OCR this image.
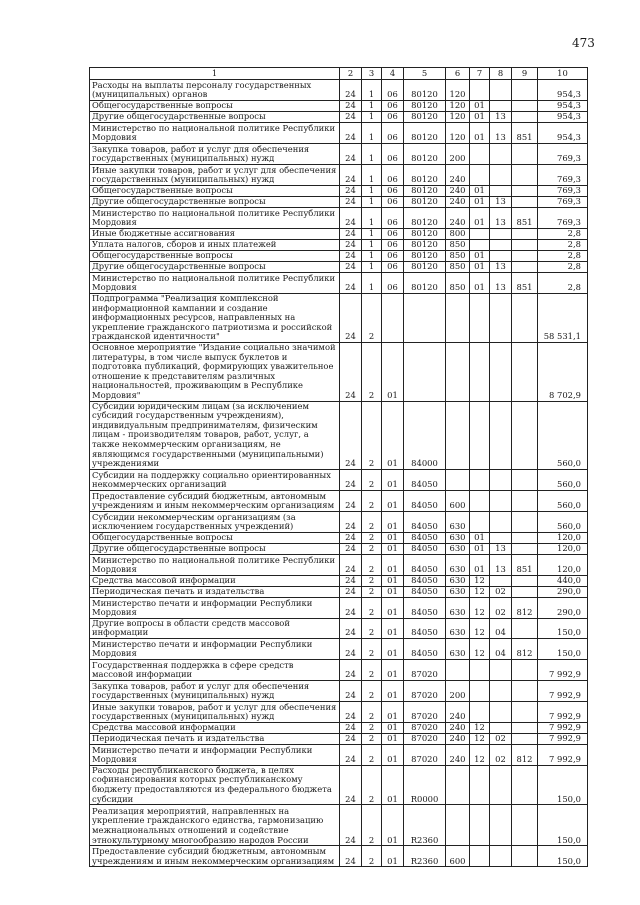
473
1	2	3	4	5	6	7	8	9	10
Расходы на выплаты персоналу государственных (муниципальных) органов	24	1	06	80120	120				954,3
Общегосударственные вопросы	24	1	06	80120	120	01			954,3
Другие общегосударственные вопросы	24	1	06	80120	120	01	13		954,3
Министерство по национальной политике Республики Мордовия	24	1	06	80120	120	01	13	851	954,3
Закупка товаров, работ и услуг для обеспечения государственных (муниципальных) нужд	24	1	06	80120	200				769,3
Иные закупки товаров, работ и услуг для обеспечения государственных (муниципальных) нужд	24	1	06	80120	240				769,3
Общегосударственные вопросы	24	1	06	80120	240	01			769,3
Другие общегосударственные вопросы	24	1	06	80120	240	01	13		769,3
Министерство по национальной политике Республики Мордовия	24	1	06	80120	240	01	13	851	769,3
Иные бюджетные ассигнования	24	1	06	80120	800				2,8
Уплата налогов, сборов и иных платежей	24	1	06	80120	850				2,8
Общегосударственные вопросы	24	1	06	80120	850	01			2,8
Другие общегосударственные вопросы	24	1	06	80120	850	01	13		2,8
Министерство по национальной политике Республики Мордовия	24	1	06	80120	850	01	13	851	2,8
Подпрограмма "Реализация комплексной информационной кампании и создание информационных ресурсов, направленных на укрепление гражданского патриотизма и российской гражданской идентичности"	24	2							58 531,1
Основное мероприятие "Издание социально значимой литературы, в том числе выпуск буклетов и подготовка публикаций, формирующих уважительное отношение к представителям различных национальностей, проживающим в Республике Мордовия"	24	2	01						8 702,9
Субсидии юридическим лицам (за исключением субсидий государственным учреждениям), индивидуальным предпринимателям, физическим лицам - производителям товаров, работ, услуг, а также некоммерческим организациям, не являющимся государственными (муниципальными) учреждениями	24	2	01	84000					560,0
Субсидии на поддержку социально ориентированных некоммерческих организаций	24	2	01	84050					560,0
Предоставление субсидий бюджетным, автономным учреждениям и иным некоммерческим организациям	24	2	01	84050	600				560,0
Субсидии некоммерческим организациям (за исключением государственных учреждений)	24	2	01	84050	630				560,0
Общегосударственные вопросы	24	2	01	84050	630	01			120,0
Другие общегосударственные вопросы	24	2	01	84050	630	01	13		120,0
Министерство по национальной политике Республики Мордовия	24	2	01	84050	630	01	13	851	120,0
Средства массовой информации	24	2	01	84050	630	12			440,0
Периодическая печать и издательства	24	2	01	84050	630	12	02		290,0
Министерство печати и информации Республики Мордовия	24	2	01	84050	630	12	02	812	290,0
Другие вопросы в области средств массовой информации	24	2	01	84050	630	12	04		150,0
Министерство печати и информации Республики Мордовия	24	2	01	84050	630	12	04	812	150,0
Государственная поддержка в сфере средств массовой информации	24	2	01	87020					7 992,9
Закупка товаров, работ и услуг для обеспечения государственных (муниципальных) нужд	24	2	01	87020	200				7 992,9
Иные закупки товаров, работ и услуг для обеспечения государственных (муниципальных) нужд	24	2	01	87020	240				7 992,9
Средства массовой информации	24	2	01	87020	240	12			7 992,9
Периодическая печать и издательства	24	2	01	87020	240	12	02		7 992,9
Министерство печати и информации Республики Мордовия	24	2	01	87020	240	12	02	812	7 992,9
Расходы республиканского бюджета, в целях софинансирования которых республиканскому бюджету предоставляются из федерального бюджета субсидии	24	2	01	R0000					150,0
Реализация мероприятий, направленных на укрепление гражданского единства, гармонизацию межнациональных отношений и содействие этнокультурному многообразию народов России	24	2	01	R2360					150,0
Предоставление субсидий бюджетным, автономным учреждениям и иным некоммерческим организациям	24	2	01	R2360	600				150,0
